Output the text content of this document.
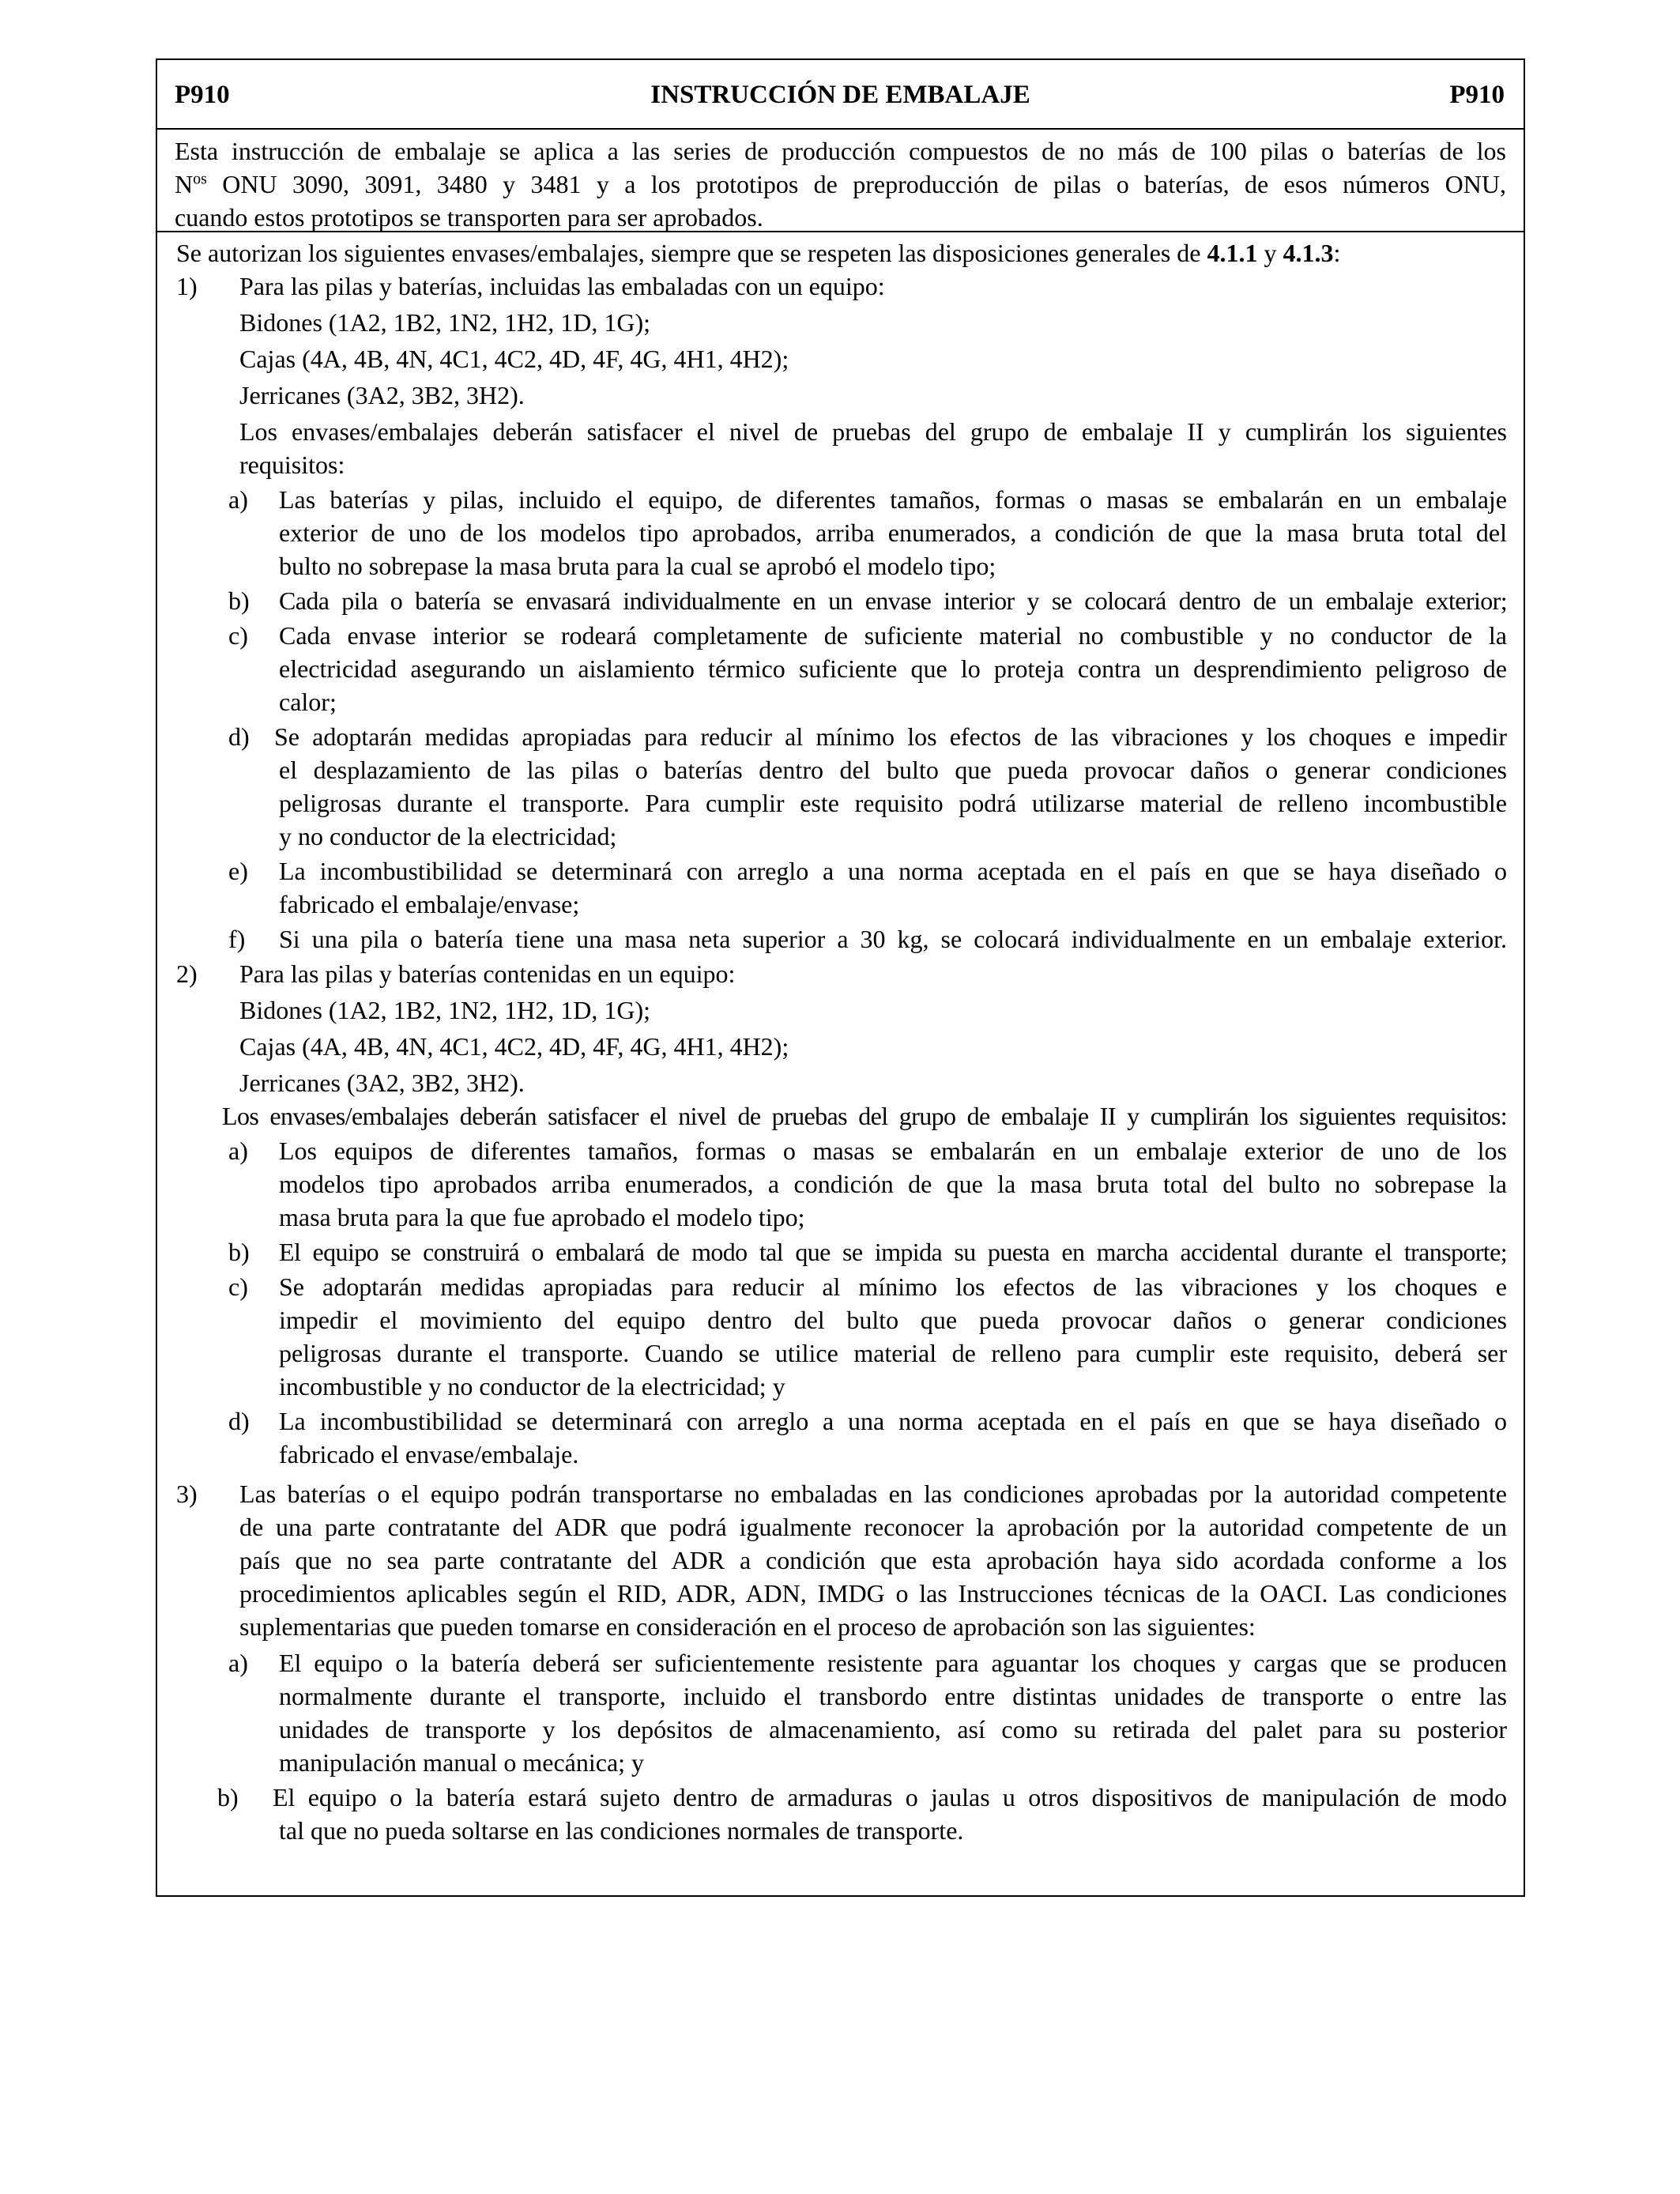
P910	INSTRUCCIÓN DE EMBALAJE	P910
Esta instrucción de embalaje se aplica a las series de producción compuestos de no más de 100 pilas o baterías de los
$N^{os}$ ONU 3090, 3091, 3480 y 3481 y a los prototipos de preproducción de pilas o baterías, de esos números ONU,
cuando estos prototipos se transporten para ser aprobados.
Se autorizan los siguientes envases/embalajes, siempre que se respeten las disposiciones generales de 4.1.1 y 4.1.3:
1) Para las pilas y baterías, incluidas las embaladas con un equipo:
Bidones (1A2, 1B2, 1N2, 1H2, 1D, 1G);
Cajas (4A, 4B, 4N, 4C1, 4C2, 4D, 4F, 4G, 4H1, 4H2);
Jerricanes (3A2, 3B2, 3H2).
Los envases/embalajes deberán satisfacer el nivel de pruebas del grupo de embalaje II y cumplirán los siguientes
requisitos:
a) Las baterías y pilas, incluido el equipo, de diferentes tamaños, formas o masas se embalarán en un embalaje
exterior de uno de los modelos tipo aprobados, arriba enumerados, a condición de que la masa bruta total del
bulto no sobrepase la masa bruta para la cual se aprobó el modelo tipo;
b) Cada pila o batería se envasará individualmente en un envase interior y se colocará dentro de un embalaje exterior;
c) Cada envase interior se rodeará completamente de suficiente material no combustible y no conductor de la
electricidad asegurando un aislamiento térmico suficiente que lo proteja contra un desprendimiento peligroso de
calor;
d) Se adoptarán medidas apropiadas para reducir al mínimo los efectos de las vibraciones y los choques e impedir
el desplazamiento de las pilas o baterías dentro del bulto que pueda provocar daños o generar condiciones
peligrosas durante el transporte. Para cumplir este requisito podrá utilizarse material de relleno incombustible
y no conductor de la electricidad;
e) La incombustibilidad se determinará con arreglo a una norma aceptada en el país en que se haya diseñado o
fabricado el embalaje/envase;
f) Si una pila o batería tiene una masa neta superior a 30 kg, se colocará individualmente en un embalaje exterior.
2) Para las pilas y baterías contenidas en un equipo:
Bidones (1A2, 1B2, 1N2, 1H2, 1D, 1G);
Cajas (4A, 4B, 4N, 4C1, 4C2, 4D, 4F, 4G, 4H1, 4H2);
Jerricanes (3A2, 3B2, 3H2).
Los envases/embalajes deberán satisfacer el nivel de pruebas del grupo de embalaje II y cumplirán los siguientes requisitos:
a) Los equipos de diferentes tamaños, formas o masas se embalarán en un embalaje exterior de uno de los
modelos tipo aprobados arriba enumerados, a condición de que la masa bruta total del bulto no sobrepase la
masa bruta para la que fue aprobado el modelo tipo;
b) El equipo se construirá o embalará de modo tal que se impida su puesta en marcha accidental durante el transporte;
c) Se adoptarán medidas apropiadas para reducir al mínimo los efectos de las vibraciones y los choques e
impedir el movimiento del equipo dentro del bulto que pueda provocar daños o generar condiciones
peligrosas durante el transporte. Cuando se utilice material de relleno para cumplir este requisito, deberá ser
incombustible y no conductor de la electricidad; y
d) La incombustibilidad se determinará con arreglo a una norma aceptada en el país en que se haya diseñado o
fabricado el envase/embalaje.
3) Las baterías o el equipo podrán transportarse no embaladas en las condiciones aprobadas por la autoridad competente
de una parte contratante del ADR que podrá igualmente reconocer la aprobación por la autoridad competente de un
país que no sea parte contratante del ADR a condición que esta aprobación haya sido acordada conforme a los
procedimientos aplicables según el RID, ADR, ADN, IMDG o las Instrucciones técnicas de la OACI. Las condiciones
suplementarias que pueden tomarse en consideración en el proceso de aprobación son las siguientes:
a) El equipo o la batería deberá ser suficientemente resistente para aguantar los choques y cargas que se producen
normalmente durante el transporte, incluido el transbordo entre distintas unidades de transporte o entre las
unidades de transporte y los depósitos de almacenamiento, así como su retirada del palet para su posterior
manipulación manual o mecánica; y
b) El equipo o la batería estará sujeto dentro de armaduras o jaulas u otros dispositivos de manipulación de modo
tal que no pueda soltarse en las condiciones normales de transporte.
